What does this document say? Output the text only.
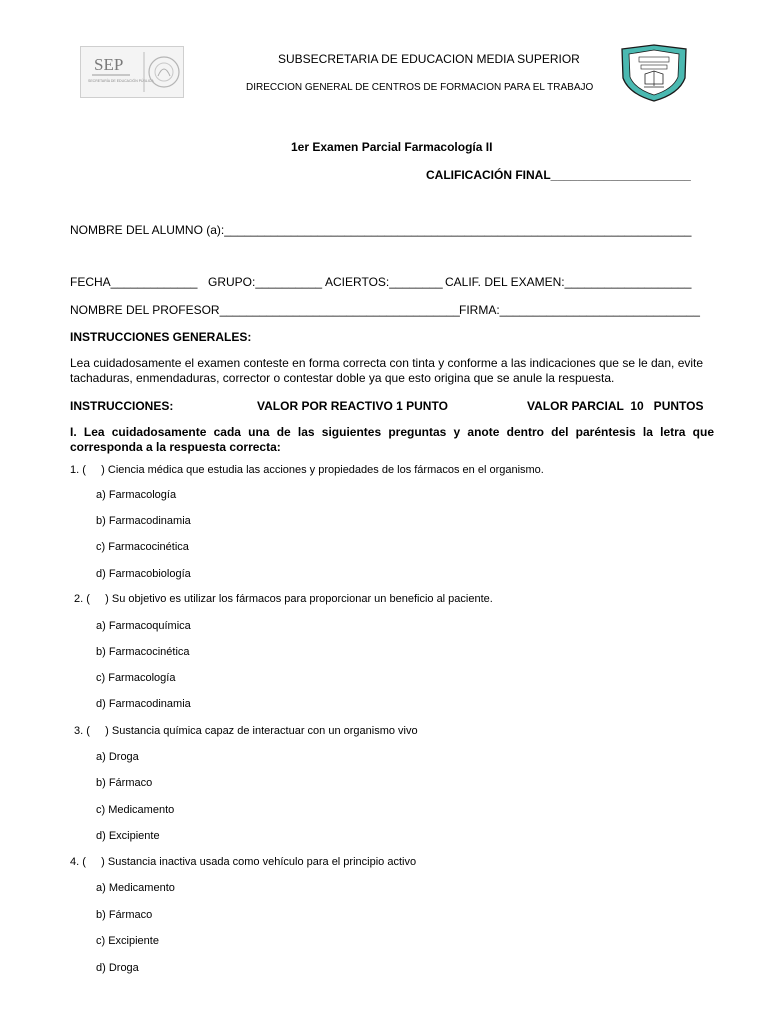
SEP
SECRETARÍA DE EDUCACIÓN PÚBLICA
SUBSECRETARIA DE EDUCACION MEDIA SUPERIOR
DIRECCION GENERAL DE CENTROS DE FORMACION PARA EL TRABAJO
1er Examen Parcial Farmacología II
CALIFICACIÓN FINAL_____________________
NOMBRE DEL ALUMNO (a):______________________________________________________________________
FECHA_____________ GRUPO:__________ ACIERTOS:________ CALIF. DEL EXAMEN:___________________
NOMBRE DEL PROFESOR____________________________________ FIRMA:______________________________
INSTRUCCIONES GENERALES:
Lea cuidadosamente el examen conteste en forma correcta con tinta y conforme a las indicaciones que se le dan, evite tachaduras, enmendaduras, corrector o contestar doble ya que esto origina que se anule la respuesta.
INSTRUCCIONES:	VALOR POR REACTIVO 1 PUNTO	VALOR PARCIAL  10   PUNTOS
I. Lea cuidadosamente cada una de las siguientes preguntas y anote dentro del paréntesis la letra que corresponda a la respuesta correcta:
1. (     ) Ciencia médica que estudia las acciones y propiedades de los fármacos en el organismo.
a) Farmacología
b) Farmacodinamia
c) Farmacocinética
d) Farmacobiología
2. (     ) Su objetivo es utilizar los fármacos para proporcionar un beneficio al paciente.
a) Farmacoquímica
b) Farmacocinética
c) Farmacología
d) Farmacodinamia
3. (     ) Sustancia química capaz de interactuar con un organismo vivo
a) Droga
b) Fármaco
c) Medicamento
d) Excipiente
4. (     ) Sustancia inactiva usada como vehículo para el principio activo
a) Medicamento
b) Fármaco
c) Excipiente
d) Droga
